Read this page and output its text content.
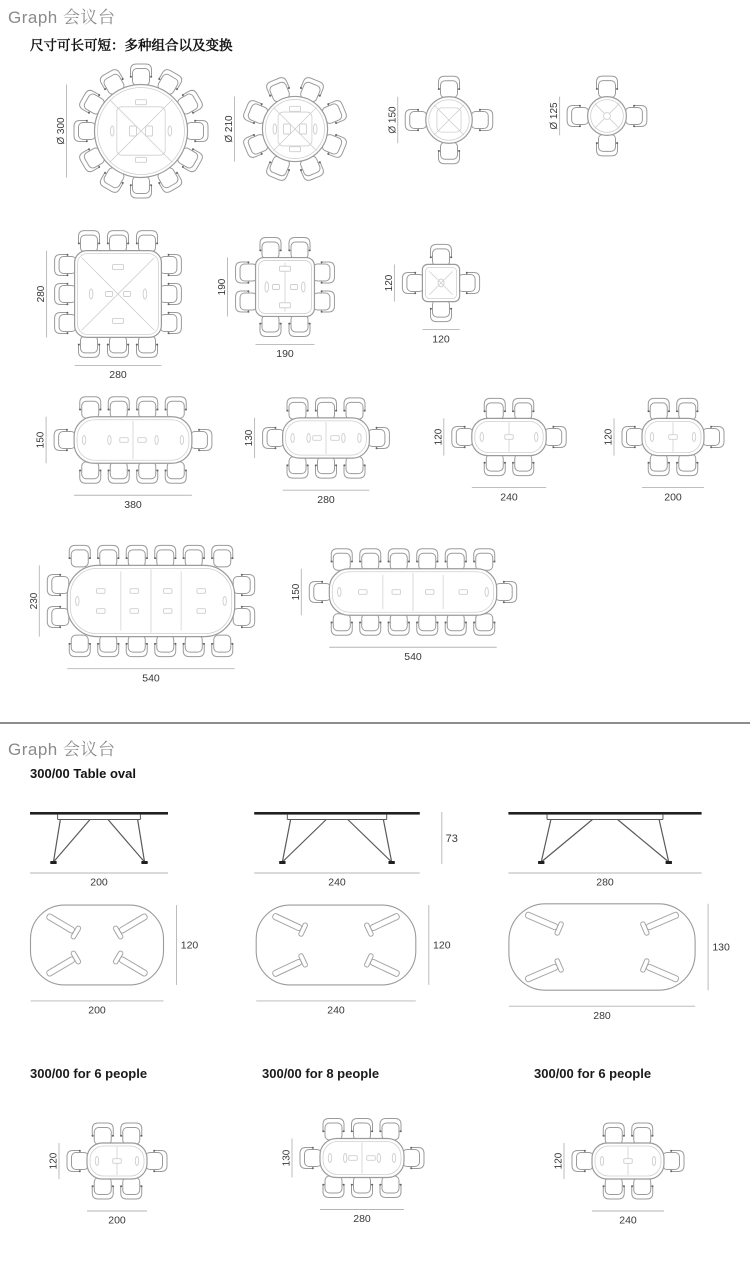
Ø 300	Ø 210	Ø 150	Ø 125
280
280
190
190
120
120
150
380
130
280
120
240
120
200
230
540
150
540
200	240
73
280
120
200
120
240
130
280
120
200
130
280
120
240
Graph 会议台
尺寸可长可短：多种组合以及变换
Graph 会议台
300/00 Table oval
300/00 for 6 people	300/00 for 8 people	300/00 for 6 people
